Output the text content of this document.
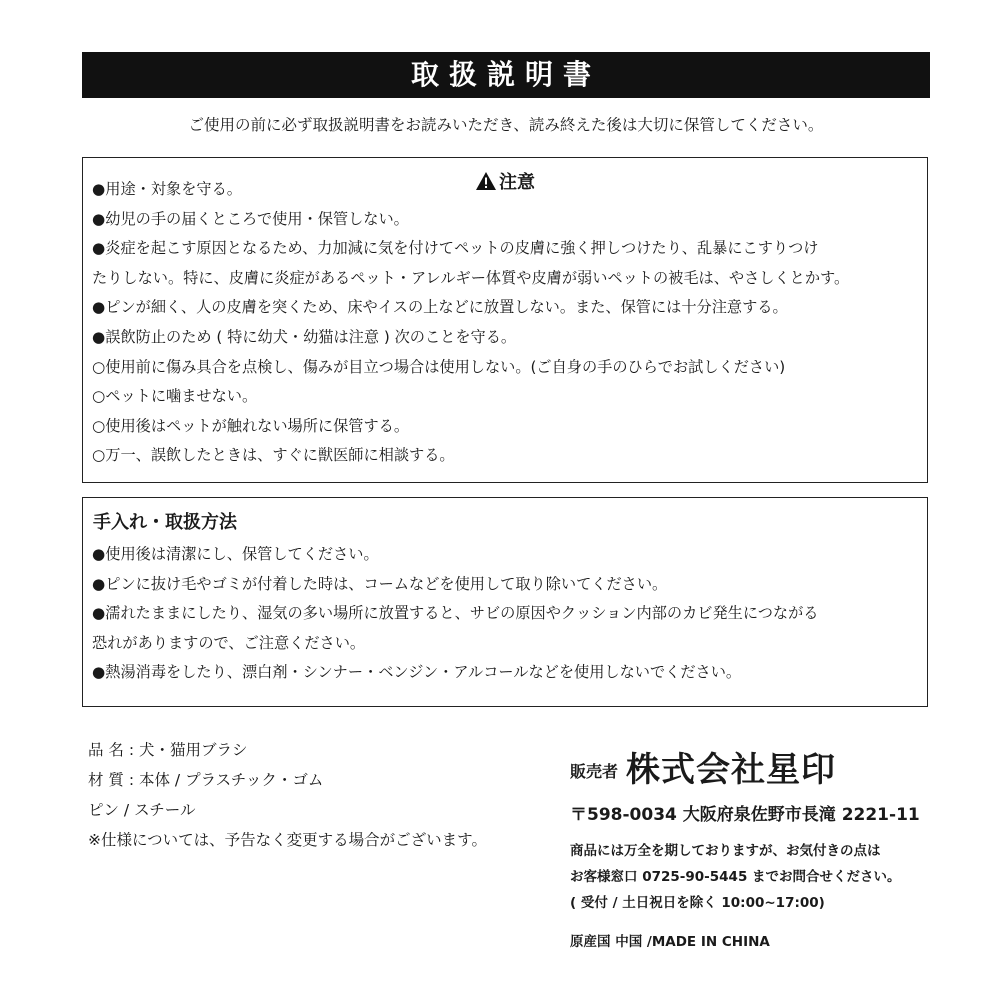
取扱説明書
ご使用の前に必ず取扱説明書をお読みいただき、読み終えた後は大切に保管してください。
注意
●用途・対象を守る。
●幼児の手の届くところで使用・保管しない。
●炎症を起こす原因となるため、力加減に気を付けてペットの皮膚に強く押しつけたり、乱暴にこすりつけ
たりしない。特に、皮膚に炎症があるペット・アレルギー体質や皮膚が弱いペットの被毛は、やさしくとかす。
●ピンが細く、人の皮膚を突くため、床やイスの上などに放置しない。また、保管には十分注意する。
●誤飲防止のため ( 特に幼犬・幼猫は注意 ) 次のことを守る。
○使用前に傷み具合を点検し、傷みが目立つ場合は使用しない。(ご自身の手のひらでお試しください)
○ペットに噛ませない。
○使用後はペットが触れない場所に保管する。
○万一、誤飲したときは、すぐに獣医師に相談する。
手入れ・取扱方法
●使用後は清潔にし、保管してください。
●ピンに抜け毛やゴミが付着した時は、コームなどを使用して取り除いてください。
●濡れたままにしたり、湿気の多い場所に放置すると、サビの原因やクッション内部のカビ発生につながる
恐れがありますので、ご注意ください。
●熱湯消毒をしたり、漂白剤・シンナー・ベンジン・アルコールなどを使用しないでください。
品 名 : 犬・猫用ブラシ
材 質 : 本体 / プラスチック・ゴム
ピン / スチール
※仕様については、予告なく変更する場合がございます。
販売者 株式会社星印
〒598-0034 大阪府泉佐野市長滝 2221-11
商品には万全を期しておりますが、お気付きの点は
お客様窓口 0725-90-5445 までお問合せください。
( 受付 / 土日祝日を除く 10:00~17:00)
原産国 中国 /MADE IN CHINA
